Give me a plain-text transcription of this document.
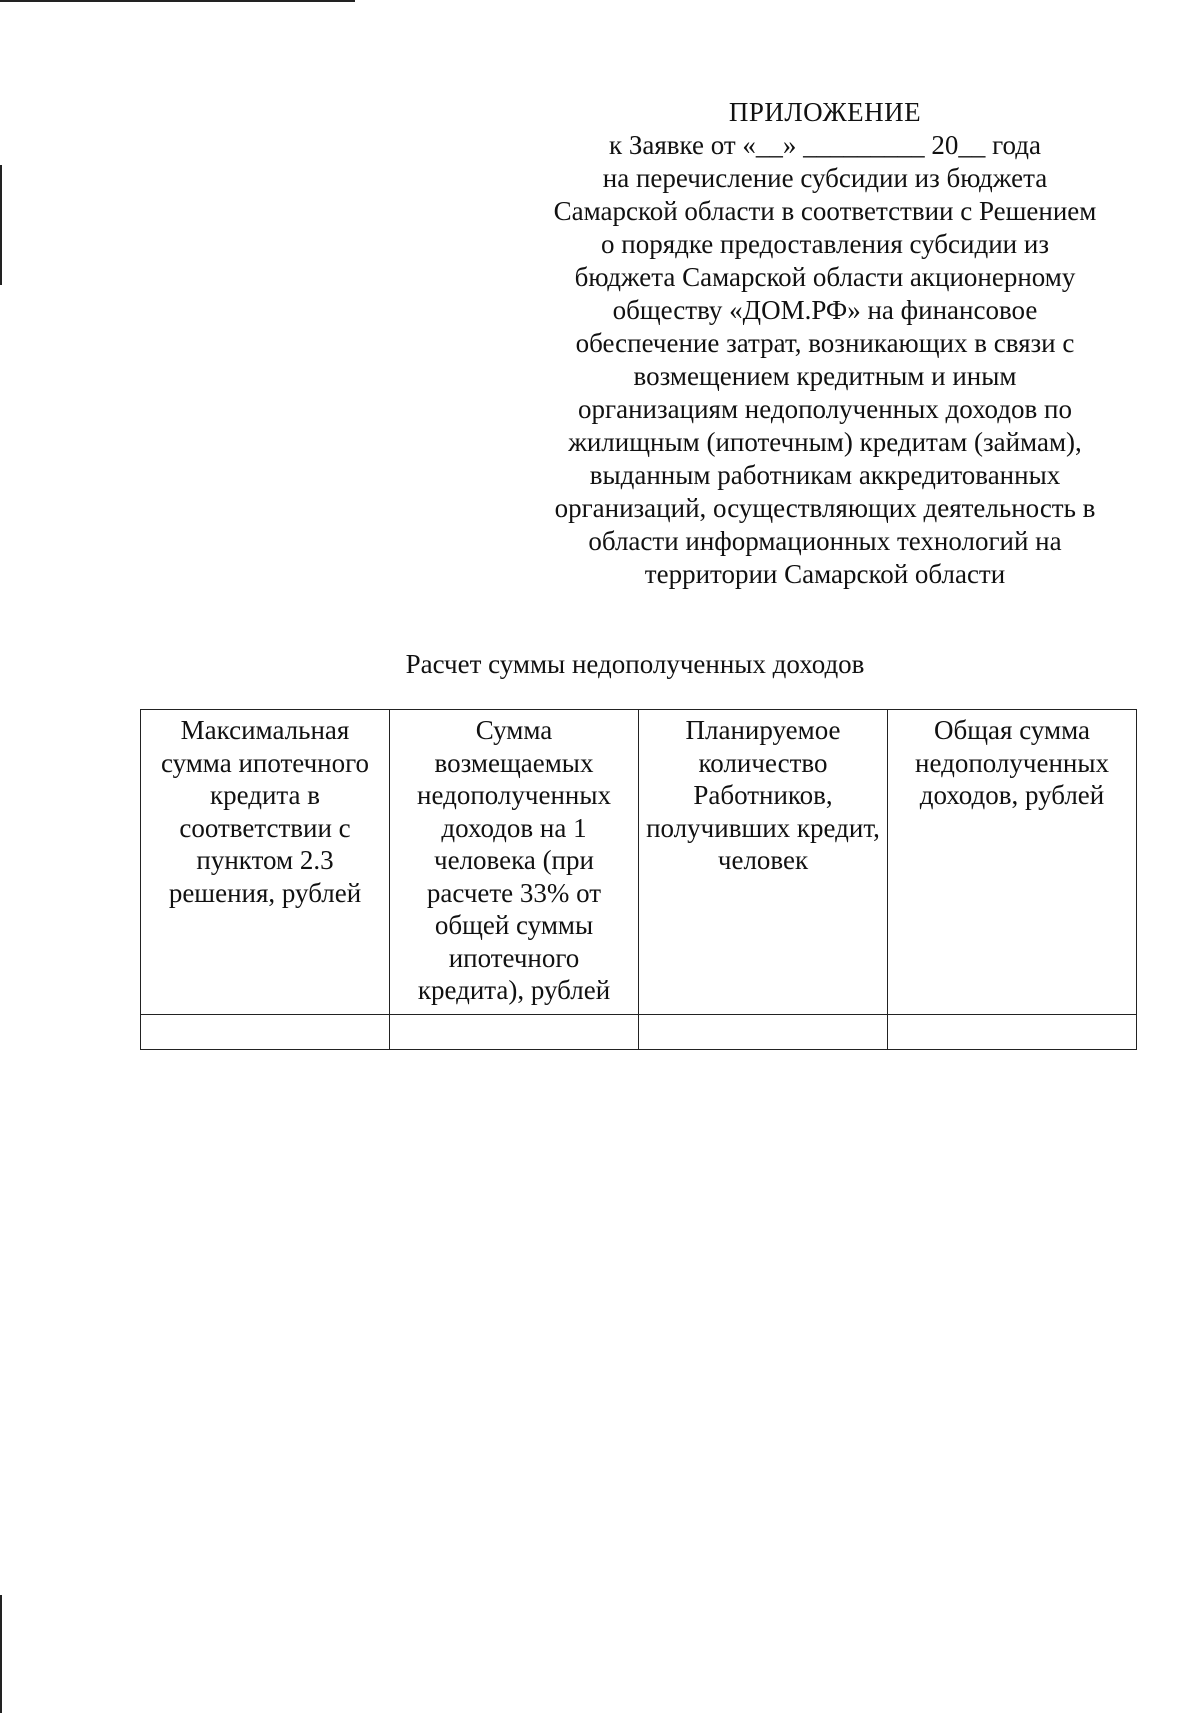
ПРИЛОЖЕНИЕ
к Заявке от «__» _________ 20__ года
на перечисление субсидии из бюджета
Самарской области в соответствии с Решением
о порядке предоставления субсидии из
бюджета Самарской области акционерному
обществу «ДОМ.РФ» на финансовое
обеспечение затрат, возникающих в связи с
возмещением кредитным и иным
организациям недополученных доходов по
жилищным (ипотечным) кредитам (займам),
выданным работникам аккредитованных
организаций, осуществляющих деятельность в
области информационных технологий на
территории Самарской области
Расчет суммы недополученных доходов
Максимальная сумма ипотечного кредита в соответствии с пунктом 2.3 решения, рублей	Сумма возмещаемых недополученных доходов на 1 человека (при расчете 33% от общей суммы ипотечного кредита), рублей	Планируемое количество Работников, получивших кредит, человек	Общая сумма недополученных доходов, рублей
